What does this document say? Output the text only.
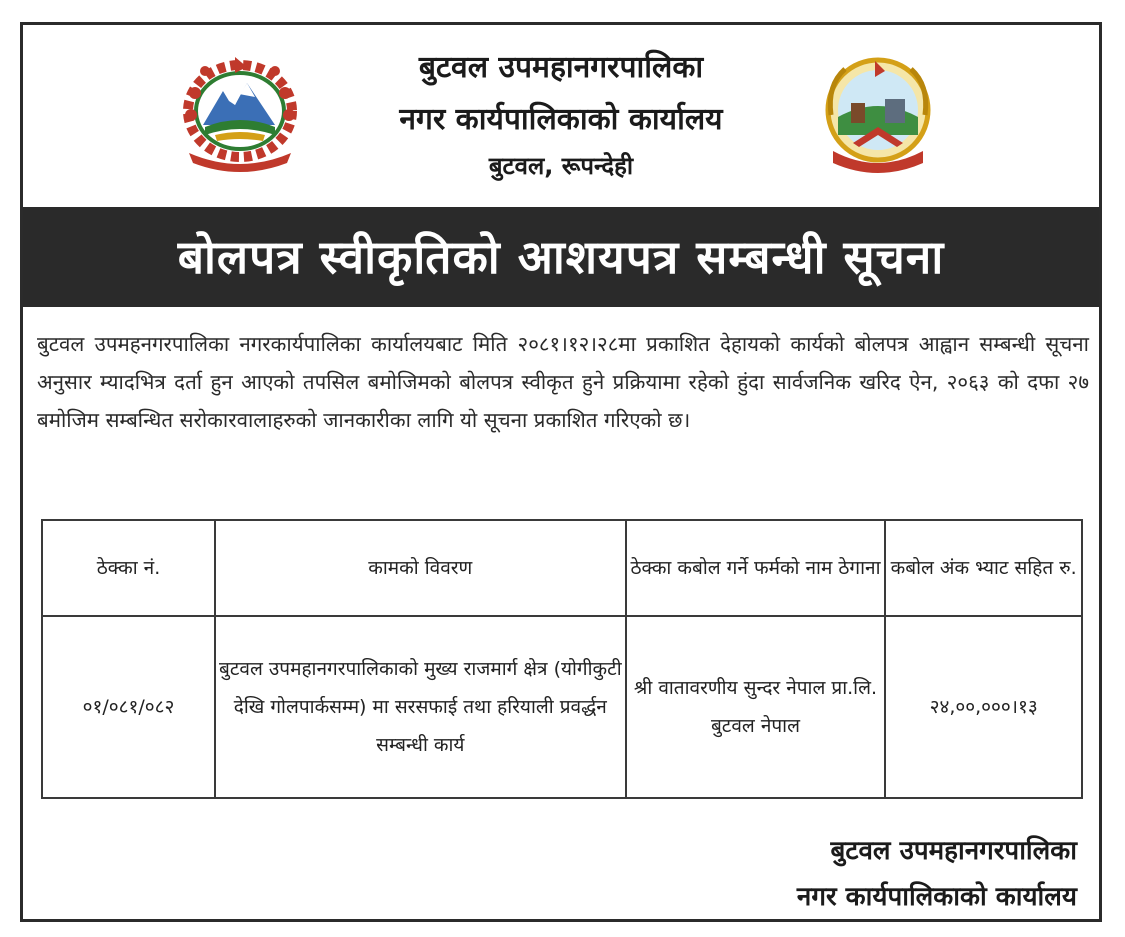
बुटवल उपमहानगरपालिका
नगर कार्यपालिकाको कार्यालय
बुटवल, रूपन्देही
बोलपत्र स्वीकृतिको आशयपत्र सम्बन्धी सूचना
बुटवल उपमहनगरपालिका नगरकार्यपालिका कार्यालयबाट मिति २०८१।१२।२८मा प्रकाशित देहायको कार्यको बोलपत्र आह्वान सम्बन्धी सूचना अनुसार म्यादभित्र दर्ता हुन आएको तपसिल बमोजिमको बोलपत्र स्वीकृत हुने प्रक्रियामा रहेको हुंदा सार्वजनिक खरिद ऐन, २०६३ को दफा २७ बमोजिम सम्बन्धित सरोकारवालाहरुको जानकारीका लागि यो सूचना प्रकाशित गरिएको छ।
ठेक्का नं.	कामको विवरण	ठेक्का कबोल गर्ने फर्मको नाम ठेगाना	कबोल अंक भ्याट सहित रु.
०१/०८१/०८२	बुटवल उपमहानगरपालिकाको मुख्य राजमार्ग क्षेत्र (योगीकुटी देखि गोलपार्कसम्म) मा सरसफाई तथा हरियाली प्रवर्द्धन सम्बन्धी कार्य	श्री वातावरणीय सुन्दर नेपाल प्रा.लि. बुटवल नेपाल	२४,००,०००।१३
बुटवल उपमहानगरपालिका
नगर कार्यपालिकाको कार्यालय
